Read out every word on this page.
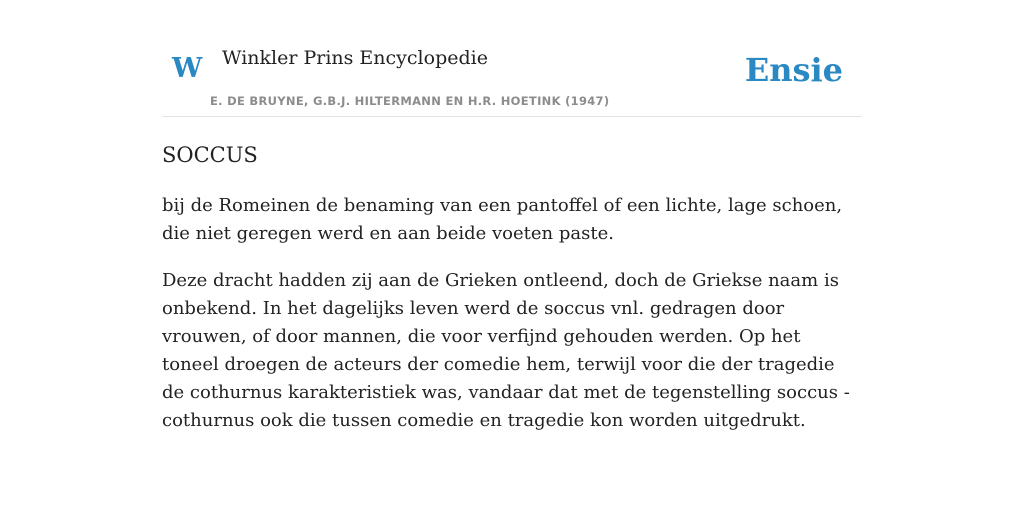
W Winkler Prins Encyclopedie	Ensie
E. DE BRUYNE, G.B.J. HILTERMANN EN H.R. HOETINK (1947)
SOCCUS

bij de Romeinen de benaming van een pantoffel of een lichte, lage schoen, die niet geregen werd en aan beide voeten paste.

Deze dracht hadden zij aan de Grieken ontleend, doch de Griekse naam is onbekend. In het dagelijks leven werd de soccus vnl. gedragen door vrouwen, of door mannen, die voor verfijnd gehouden werden. Op het toneel droegen de acteurs der comedie hem, terwijl voor die der tragedie de cothurnus karakteristiek was, vandaar dat met de tegenstelling soccus - cothurnus ook die tussen comedie en tragedie kon worden uitgedrukt.
